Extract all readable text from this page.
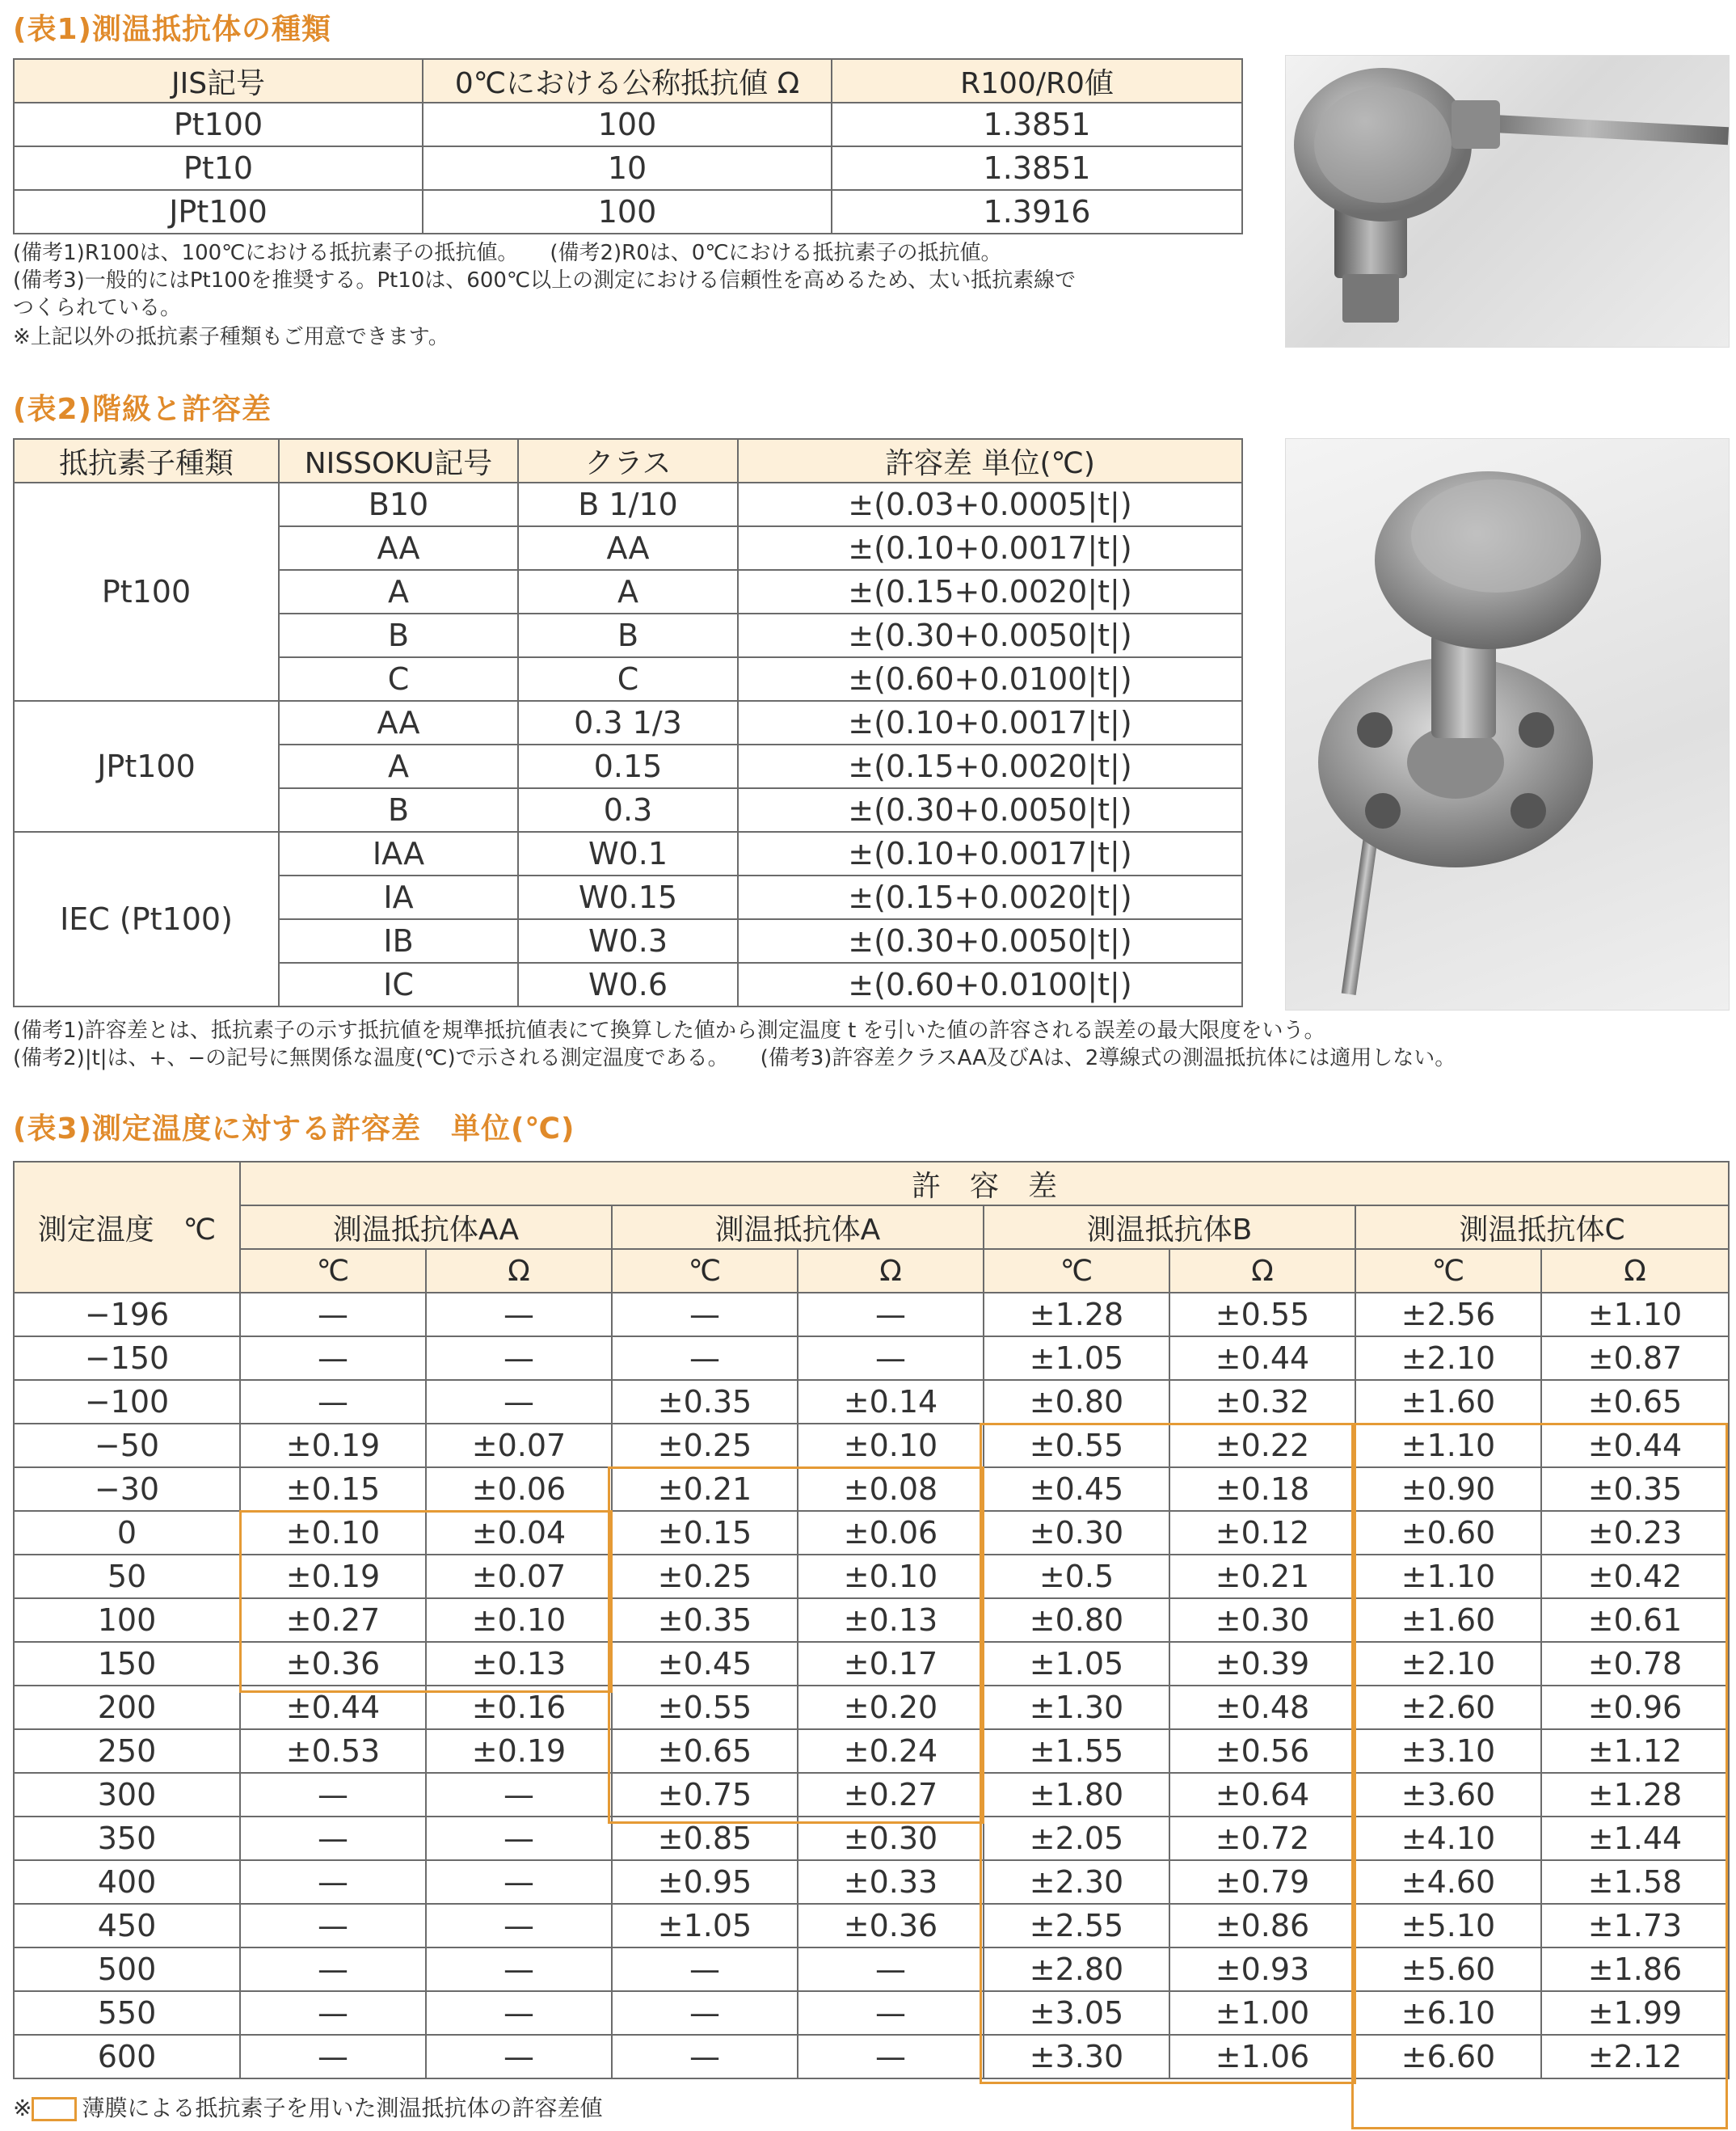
(表1)測温抵抗体の種類
(表2)階級と許容差
(表3)測定温度に対する許容差　単位(℃)
JIS記号	0℃における公称抵抗値 Ω	R100/R0値
Pt100	100	1.3851
Pt10	10	1.3851
JPt100	100	1.3916
(備考1)R100は、100℃における抵抗素子の抵抗値。　　(備考2)R0は、0℃における抵抗素子の抵抗値。
(備考3)一般的にはPt100を推奨する。Pt10は、600℃以上の測定における信頼性を高めるため、太い抵抗素線で
つくられている。
※上記以外の抵抗素子種類もご用意できます。
抵抗素子種類	NISSOKU記号	クラス	許容差 単位(℃)
Pt100	B10	B 1/10	±(0.03+0.0005|t|)
	AA	AA	±(0.10+0.0017|t|)
	A	A	±(0.15+0.0020|t|)
	B	B	±(0.30+0.0050|t|)
	C	C	±(0.60+0.0100|t|)
JPt100	AA	0.3 1/3	±(0.10+0.0017|t|)
	A	0.15	±(0.15+0.0020|t|)
	B	0.3	±(0.30+0.0050|t|)
IEC (Pt100)	IAA	W0.1	±(0.10+0.0017|t|)
	IA	W0.15	±(0.15+0.0020|t|)
	IB	W0.3	±(0.30+0.0050|t|)
	IC	W0.6	±(0.60+0.0100|t|)
(備考1)許容差とは、抵抗素子の示す抵抗値を規準抵抗値表にて換算した値から測定温度 t を引いた値の許容される誤差の最大限度をいう。
(備考2)|t|は、+、−の記号に無関係な温度(℃)で示される測定温度である。　　(備考3)許容差クラスAA及びAは、2導線式の測温抵抗体には適用しない。
測定温度　℃	許　容　差							
	測温抵抗体AA		測温抵抗体A		測温抵抗体B		測温抵抗体C	
	℃	Ω	℃	Ω	℃	Ω	℃	Ω
−196	—	—	—	—	±1.28	±0.55	±2.56	±1.10
−150	—	—	—	—	±1.05	±0.44	±2.10	±0.87
−100	—	—	±0.35	±0.14	±0.80	±0.32	±1.60	±0.65
−50	±0.19	±0.07	±0.25	±0.10	±0.55	±0.22	±1.10	±0.44
−30	±0.15	±0.06	±0.21	±0.08	±0.45	±0.18	±0.90	±0.35
0	±0.10	±0.04	±0.15	±0.06	±0.30	±0.12	±0.60	±0.23
50	±0.19	±0.07	±0.25	±0.10	±0.5	±0.21	±1.10	±0.42
100	±0.27	±0.10	±0.35	±0.13	±0.80	±0.30	±1.60	±0.61
150	±0.36	±0.13	±0.45	±0.17	±1.05	±0.39	±2.10	±0.78
200	±0.44	±0.16	±0.55	±0.20	±1.30	±0.48	±2.60	±0.96
250	±0.53	±0.19	±0.65	±0.24	±1.55	±0.56	±3.10	±1.12
300	—	—	±0.75	±0.27	±1.80	±0.64	±3.60	±1.28
350	—	—	±0.85	±0.30	±2.05	±0.72	±4.10	±1.44
400	—	—	±0.95	±0.33	±2.30	±0.79	±4.60	±1.58
450	—	—	±1.05	±0.36	±2.55	±0.86	±5.10	±1.73
500	—	—	—	—	±2.80	±0.93	±5.60	±1.86
550	—	—	—	—	±3.05	±1.00	±6.10	±1.99
600	—	—	—	—	±3.30	±1.06	±6.60	±2.12
※ 薄膜による抵抗素子を用いた測温抵抗体の許容差値
